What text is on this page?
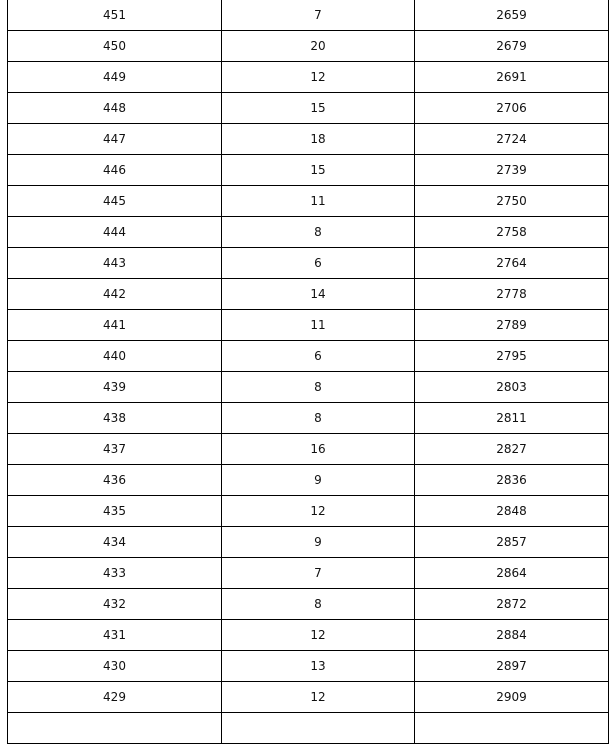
451	7	2659
450	20	2679
449	12	2691
448	15	2706
447	18	2724
446	15	2739
445	11	2750
444	8	2758
443	6	2764
442	14	2778
441	11	2789
440	6	2795
439	8	2803
438	8	2811
437	16	2827
436	9	2836
435	12	2848
434	9	2857
433	7	2864
432	8	2872
431	12	2884
430	13	2897
429	12	2909
